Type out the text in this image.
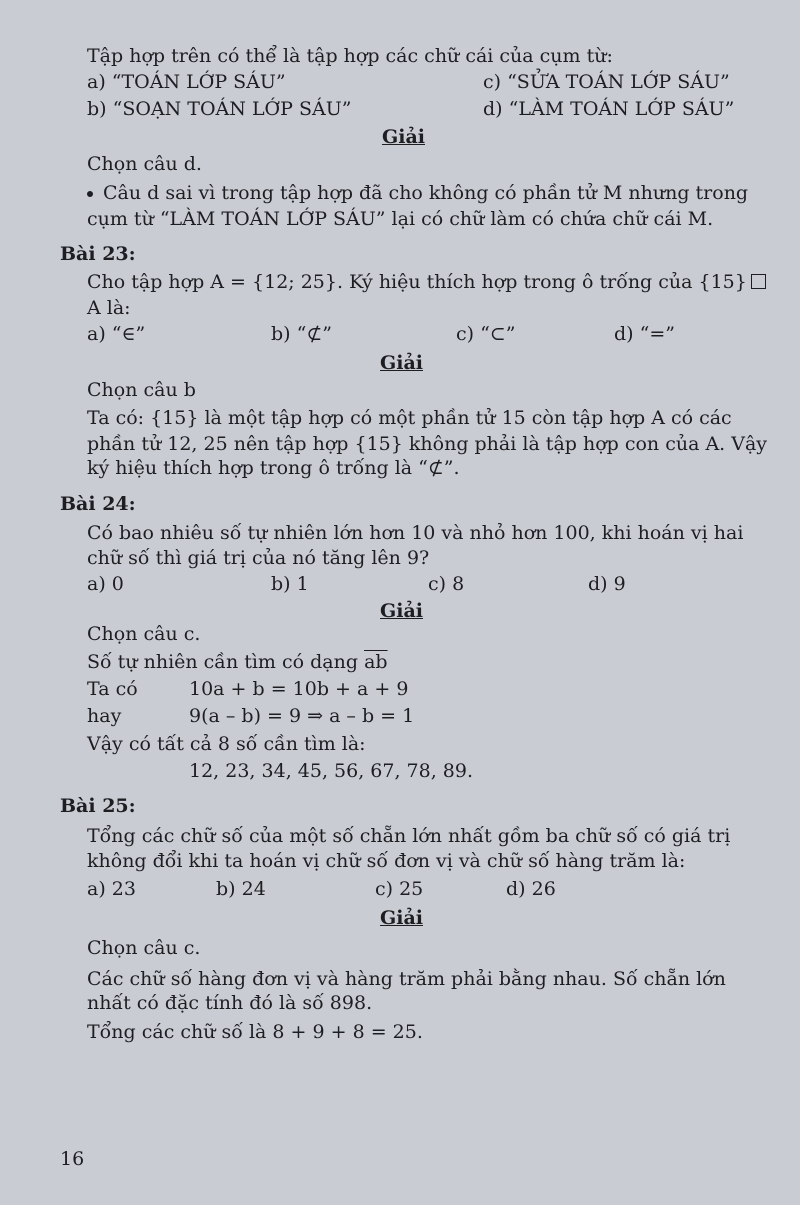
Tập hợp trên có thể là tập hợp các chữ cái của cụm từ:
a) “TOÁN LỚP SÁU”	c) “SỬA TOÁN LỚP SÁU”
b) “SOẠN TOÁN LỚP SÁU”	d) “LÀM TOÁN LỚP SÁU”
Giải
Chọn câu d.
Câu d sai vì trong tập hợp đã cho không có phần tử M nhưng trong
cụm từ “LÀM TOÁN LỚP SÁU” lại có chữ làm có chứa chữ cái M.
Bài 23:
Cho tập hợp A = {12; 25}. Ký hiệu thích hợp trong ô trống của {15}
A là:
a) “∈”	b) “⊄”	c) “⊂”	d) “=”
Giải
Chọn câu b
Ta có: {15} là một tập hợp có một phần tử 15 còn tập hợp A có các
phần tử 12, 25 nên tập hợp {15} không phải là tập hợp con của A. Vậy
ký hiệu thích hợp trong ô trống là “⊄”.
Bài 24:
Có bao nhiêu số tự nhiên lớn hơn 10 và nhỏ hơn 100, khi hoán vị hai
chữ số thì giá trị của nó tăng lên 9?
a) 0	b) 1	c) 8	d) 9
Giải
Chọn câu c.
Số tự nhiên cần tìm có dạng $\overline{ab}$
Ta có	10a + b = 10b + a + 9
hay	9(a – b) = 9 ⇒ a – b = 1
Vậy có tất cả 8 số cần tìm là:
12, 23, 34, 45, 56, 67, 78, 89.
Bài 25:
Tổng các chữ số của một số chẵn lớn nhất gồm ba chữ số có giá trị
không đổi khi ta hoán vị chữ số đơn vị và chữ số hàng trăm là:
a) 23	b) 24	c) 25	d) 26
Giải
Chọn câu c.
Các chữ số hàng đơn vị và hàng trăm phải bằng nhau. Số chẵn lớn
nhất có đặc tính đó là số 898.
Tổng các chữ số là 8 + 9 + 8 = 25.
16
